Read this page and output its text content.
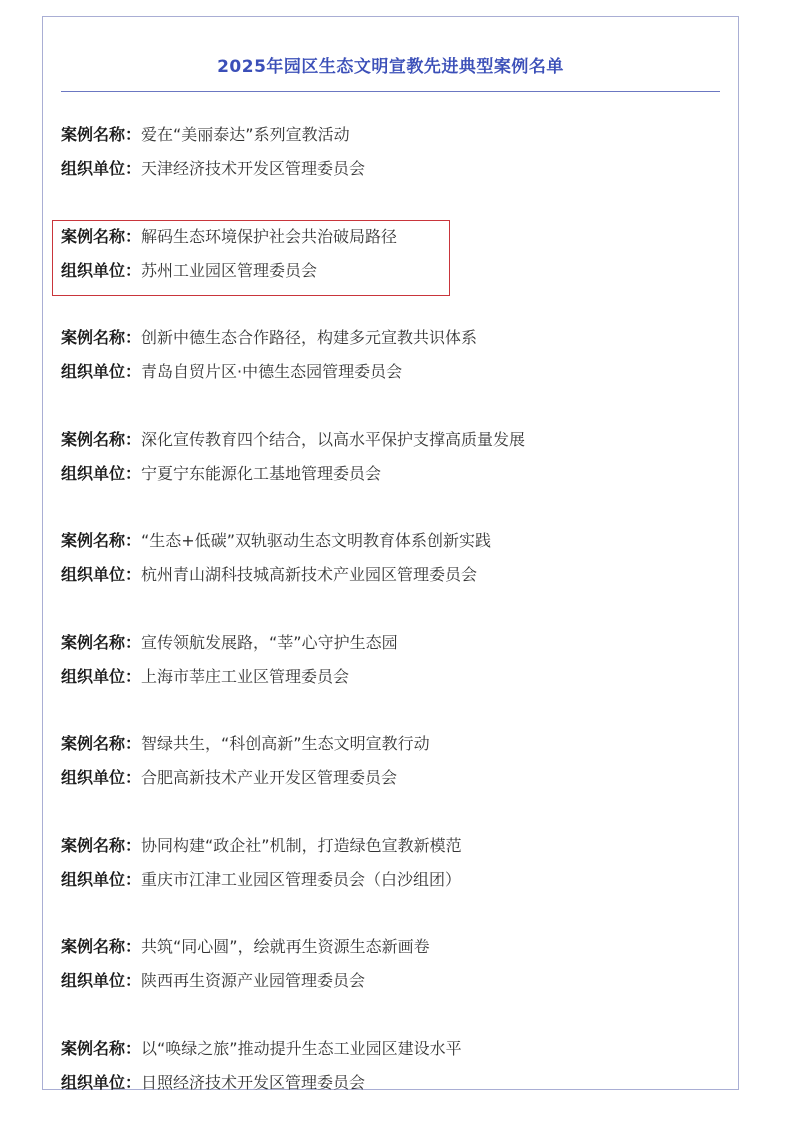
2025年园区生态文明宣教先进典型案例名单
案例名称：爱在“美丽泰达”系列宣教活动
组织单位：天津经济技术开发区管理委员会
案例名称：解码生态环境保护社会共治破局路径
组织单位：苏州工业园区管理委员会
案例名称：创新中德生态合作路径，构建多元宣教共识体系
组织单位：青岛自贸片区·中德生态园管理委员会
案例名称：深化宣传教育四个结合，以高水平保护支撑高质量发展
组织单位：宁夏宁东能源化工基地管理委员会
案例名称：“生态+低碳”双轨驱动生态文明教育体系创新实践
组织单位：杭州青山湖科技城高新技术产业园区管理委员会
案例名称：宣传领航发展路，“莘”心守护生态园
组织单位：上海市莘庄工业区管理委员会
案例名称：智绿共生，“科创高新”生态文明宣教行动
组织单位：合肥高新技术产业开发区管理委员会
案例名称：协同构建“政企社”机制，打造绿色宣教新模范
组织单位：重庆市江津工业园区管理委员会（白沙组团）
案例名称：共筑“同心圆”，绘就再生资源生态新画卷
组织单位：陕西再生资源产业园管理委员会
案例名称：以“唤绿之旅”推动提升生态工业园区建设水平
组织单位：日照经济技术开发区管理委员会
